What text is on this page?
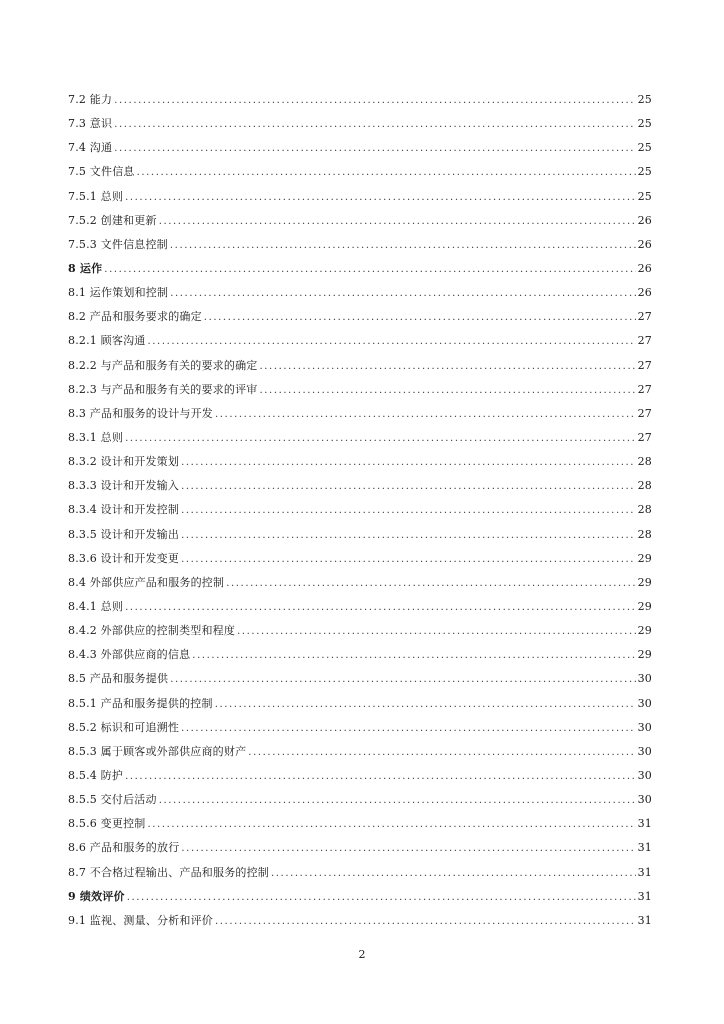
7.2 能力 .....	25
7.3 意识 .....	25
7.4 沟通 .....	25
7.5 文件信息 .....	25
7.5.1 总则 .....	25
7.5.2 创建和更新 .....	26
7.5.3 文件信息控制 .....	26
8 运作 .....	26
8.1 运作策划和控制 .....	26
8.2 产品和服务要求的确定 .....	27
8.2.1 顾客沟通 .....	27
8.2.2 与产品和服务有关的要求的确定 .....	27
8.2.3 与产品和服务有关的要求的评审 .....	27
8.3 产品和服务的设计与开发 .....	27
8.3.1 总则 .....	27
8.3.2 设计和开发策划 .....	28
8.3.3 设计和开发输入 .....	28
8.3.4 设计和开发控制 .....	28
8.3.5 设计和开发输出 .....	28
8.3.6 设计和开发变更 .....	29
8.4 外部供应产品和服务的控制 .....	29
8.4.1 总则 .....	29
8.4.2 外部供应的控制类型和程度 .....	29
8.4.3 外部供应商的信息 .....	29
8.5 产品和服务提供 .....	30
8.5.1 产品和服务提供的控制 .....	30
8.5.2 标识和可追溯性 .....	30
8.5.3 属于顾客或外部供应商的财产 .....	30
8.5.4 防护 .....	30
8.5.5 交付后活动 .....	30
8.5.6 变更控制 .....	31
8.6 产品和服务的放行 .....	31
8.7 不合格过程输出、产品和服务的控制 .....	31
9 绩效评价 .....	31
9.1 监视、测量、分析和评价 .....	31
2
